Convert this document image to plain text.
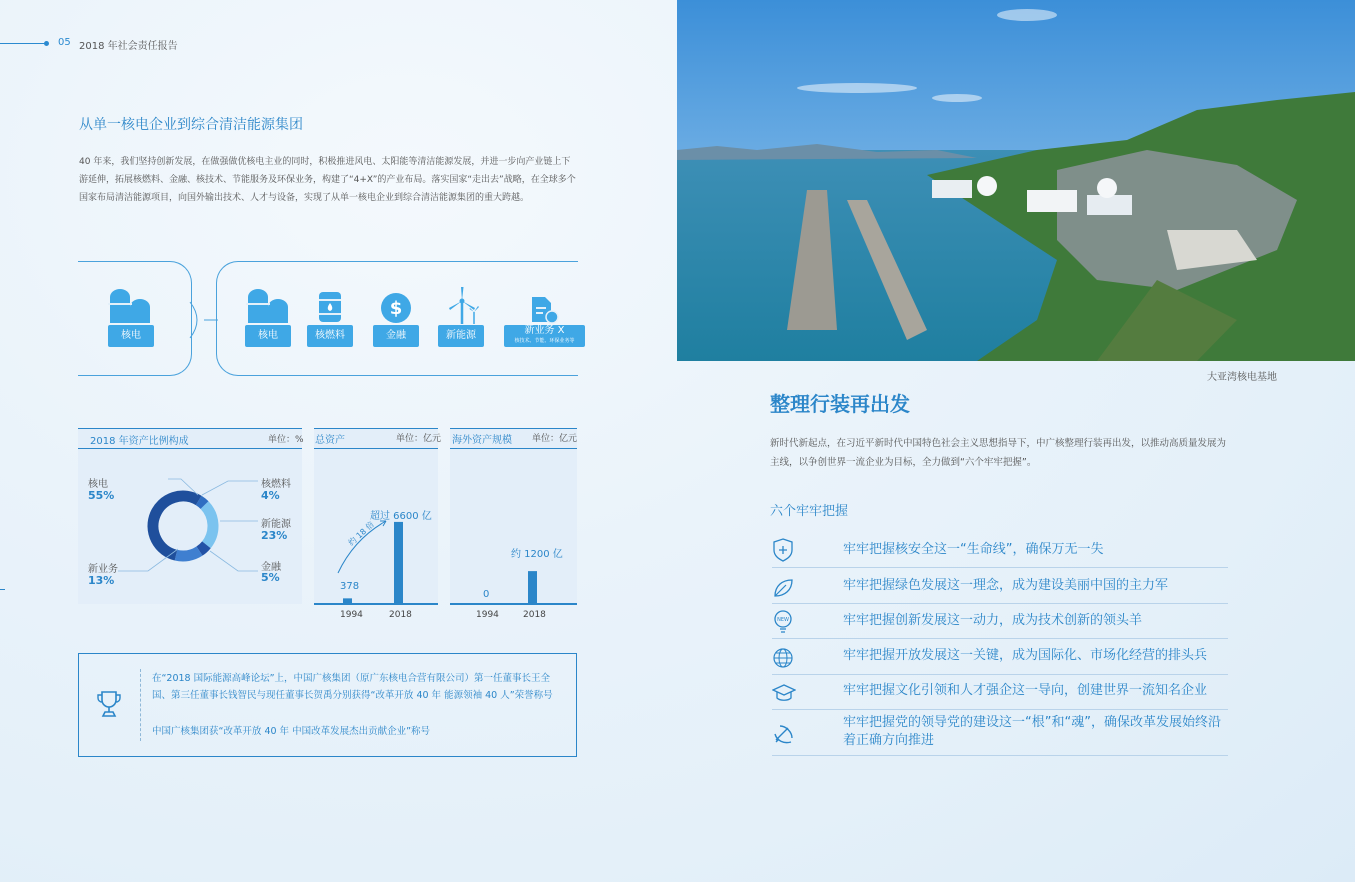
05 2018 年社会责任报告
从单一核电企业到综合清洁能源集团
40 年来，我们坚持创新发展，在做强做优核电主业的同时，积极推进风电、太阳能等清洁能源发展，并进一步向产业链上下游延伸，拓展核燃料、金融、核技术、节能服务及环保业务，构建了“4+X”的产业布局。落实国家“走出去”战略，在全球多个国家布局清洁能源项目，向国外输出技术、人才与设备，实现了从单一核电企业到综合清洁能源集团的重大跨越。
核电	核电	核燃料
$
金融	新能源	新业务 X
核技术、节能、环保业务等
2018 年资产比例构成	单位：%
核电
55%
核燃料
4%
新能源
23%
金融
5%
新业务
13%
总资产	单位：亿元
约 18 倍
1994	2018
378
超过 6600 亿
海外资产规模 单位：亿元
1994	2018
0
约 1200 亿
在“2018 国际能源高峰论坛”上，中国广核集团（原广东核电合营有限公司）第一任董事长王全国、第三任董事长钱智民与现任董事长贺禹分别获得“改革开放 40 年 能源领袖 40 人”荣誉称号
中国广核集团获“改革开放 40 年 中国改革发展杰出贡献企业”称号
大亚湾核电基地
整理行装再出发
新时代新起点，在习近平新时代中国特色社会主义思想指导下，中广核整理行装再出发，以推动高质量发展为主线，以争创世界一流企业为目标，全力做到“六个牢牢把握”。
六个牢牢把握
牢牢把握核安全这一“生命线”，确保万无一失
牢牢把握绿色发展这一理念，成为建设美丽中国的主力军
NEW	牢牢把握创新发展这一动力，成为技术创新的领头羊
牢牢把握开放发展这一关键，成为国际化、市场化经营的排头兵
牢牢把握文化引领和人才强企这一导向，创建世界一流知名企业
牢牢把握党的领导党的建设这一“根”和“魂”，确保改革发展始终沿着正确方向推进
